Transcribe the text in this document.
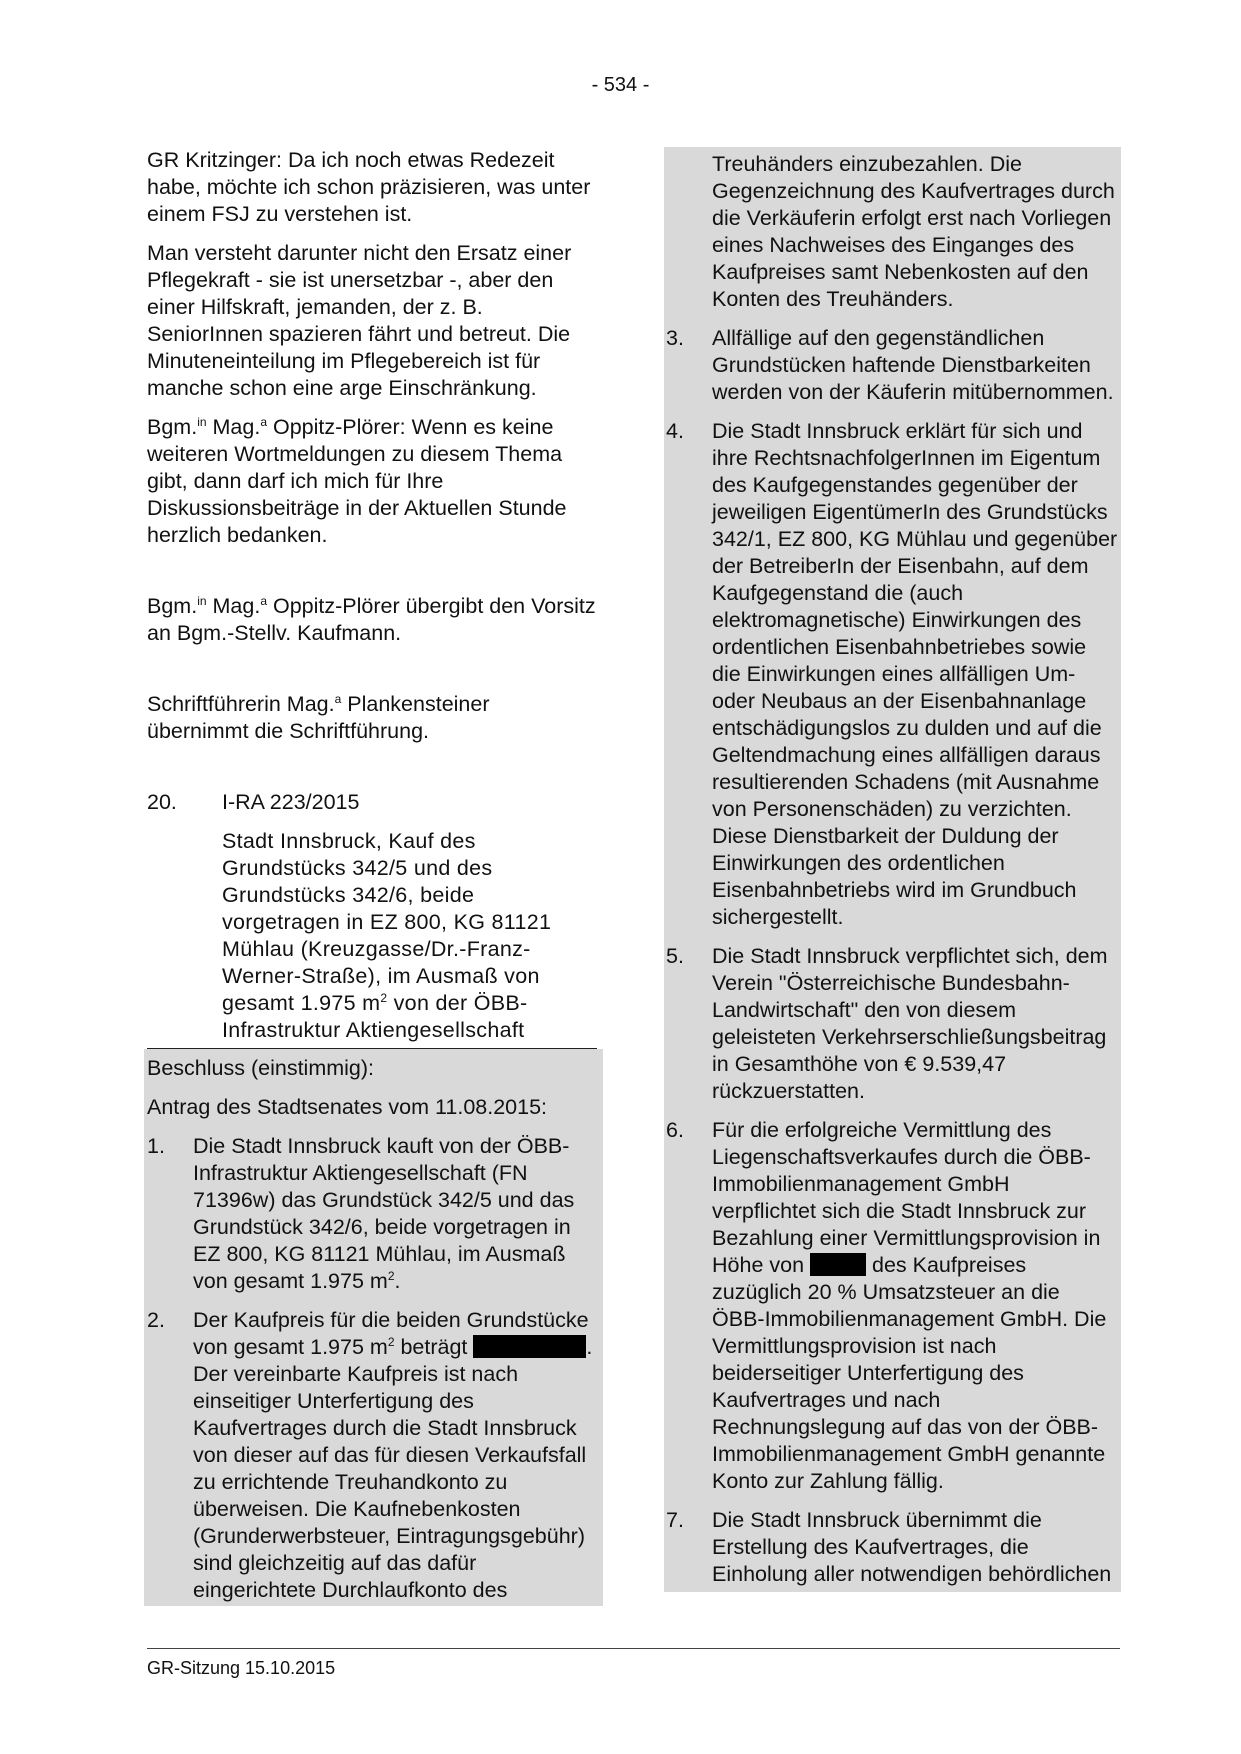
- 534 -

GR Kritzinger: Da ich noch etwas Redezeit habe, möchte ich schon präzisieren, was unter einem FSJ zu verstehen ist.

Man versteht darunter nicht den Ersatz einer Pflegekraft - sie ist unersetzbar -, aber den einer Hilfskraft, jemanden, der z. B. SeniorInnen spazieren fährt und betreut. Die Minuteneinteilung im Pflegebereich ist für manche schon eine arge Einschränkung.

Bgm.$^{in}$ Mag.$^a$ Oppitz-Plörer: Wenn es keine weiteren Wortmeldungen zu diesem Thema gibt, dann darf ich mich für Ihre Diskussionsbeiträge in der Aktuellen Stunde herzlich bedanken.

Bgm.$^{in}$ Mag.$^a$ Oppitz-Plörer übergibt den Vorsitz an Bgm.-Stellv. Kaufmann.

Schriftführerin Mag.$^a$ Plankensteiner übernimmt die Schriftführung.

20.	I-RA 223/2015
Stadt Innsbruck, Kauf des Grundstücks 342/5 und des Grundstücks 342/6, beide vorgetragen in EZ 800, KG 81121 Mühlau (Kreuzgasse/Dr.-Franz-Werner-Straße), im Ausmaß von gesamt 1.975 $m^2$ von der ÖBB-Infrastruktur Aktiengesellschaft

Beschluss (einstimmig):

Antrag des Stadtsenates vom 11.08.2015:

1.	Die Stadt Innsbruck kauft von der ÖBB-Infrastruktur Aktiengesellschaft (FN 71396w) das Grundstück 342/5 und das Grundstück 342/6, beide vorgetragen in EZ 800, KG 81121 Mühlau, im Ausmaß von gesamt 1.975 $m^2$.
2.	Der Kaufpreis für die beiden Grundstücke von gesamt 1.975 $m^2$ beträgt	. Der vereinbarte Kaufpreis ist nach einseitiger Unterfertigung des Kaufvertrages durch die Stadt Innsbruck von dieser auf das für diesen Verkaufsfall zu errichtende Treuhandkonto zu überweisen. Die Kaufnebenkosten (Grunderwerbsteuer, Eintragungsgebühr) sind gleichzeitig auf das dafür eingerichtete Durchlaufkonto des
Treuhänders einzubezahlen. Die Gegenzeichnung des Kaufvertrages durch die Verkäuferin erfolgt erst nach Vorliegen eines Nachweises des Einganges des Kaufpreises samt Nebenkosten auf den Konten des Treuhänders.
3.	Allfällige auf den gegenständlichen Grundstücken haftende Dienstbarkeiten werden von der Käuferin mitübernommen.
4.	Die Stadt Innsbruck erklärt für sich und ihre RechtsnachfolgerInnen im Eigentum des Kaufgegenstandes gegenüber der jeweiligen EigentümerIn des Grundstücks 342/1, EZ 800, KG Mühlau und gegenüber der BetreiberIn der Eisenbahn, auf dem Kaufgegenstand die (auch elektromagnetische) Einwirkungen des ordentlichen Eisenbahnbetriebes sowie die Einwirkungen eines allfälligen Um- oder Neubaus an der Eisenbahnanlage entschädigungslos zu dulden und auf die Geltendmachung eines allfälligen daraus resultierenden Schadens (mit Ausnahme von Personenschäden) zu verzichten. Diese Dienstbarkeit der Duldung der Einwirkungen des ordentlichen Eisenbahnbetriebs wird im Grundbuch sichergestellt.
5.	Die Stadt Innsbruck verpflichtet sich, dem Verein "Österreichische Bundesbahn-Landwirtschaft" den von diesem geleisteten Verkehrserschließungsbeitrag in Gesamthöhe von € 9.539,47 rückzuerstatten.
6.	Für die erfolgreiche Vermittlung des Liegenschaftsverkaufes durch die ÖBB-Immobilienmanagement GmbH verpflichtet sich die Stadt Innsbruck zur Bezahlung einer Vermittlungsprovision in Höhe von	des Kaufpreises zuzüglich 20 % Umsatzsteuer an die ÖBB-Immobilienmanagement GmbH. Die Vermittlungsprovision ist nach beiderseitiger Unterfertigung des Kaufvertrages und nach Rechnungslegung auf das von der ÖBB-Immobilienmanagement GmbH genannte Konto zur Zahlung fällig.
7.	Die Stadt Innsbruck übernimmt die Erstellung des Kaufvertrages, die Einholung aller notwendigen behördlichen
GR-Sitzung 15.10.2015
